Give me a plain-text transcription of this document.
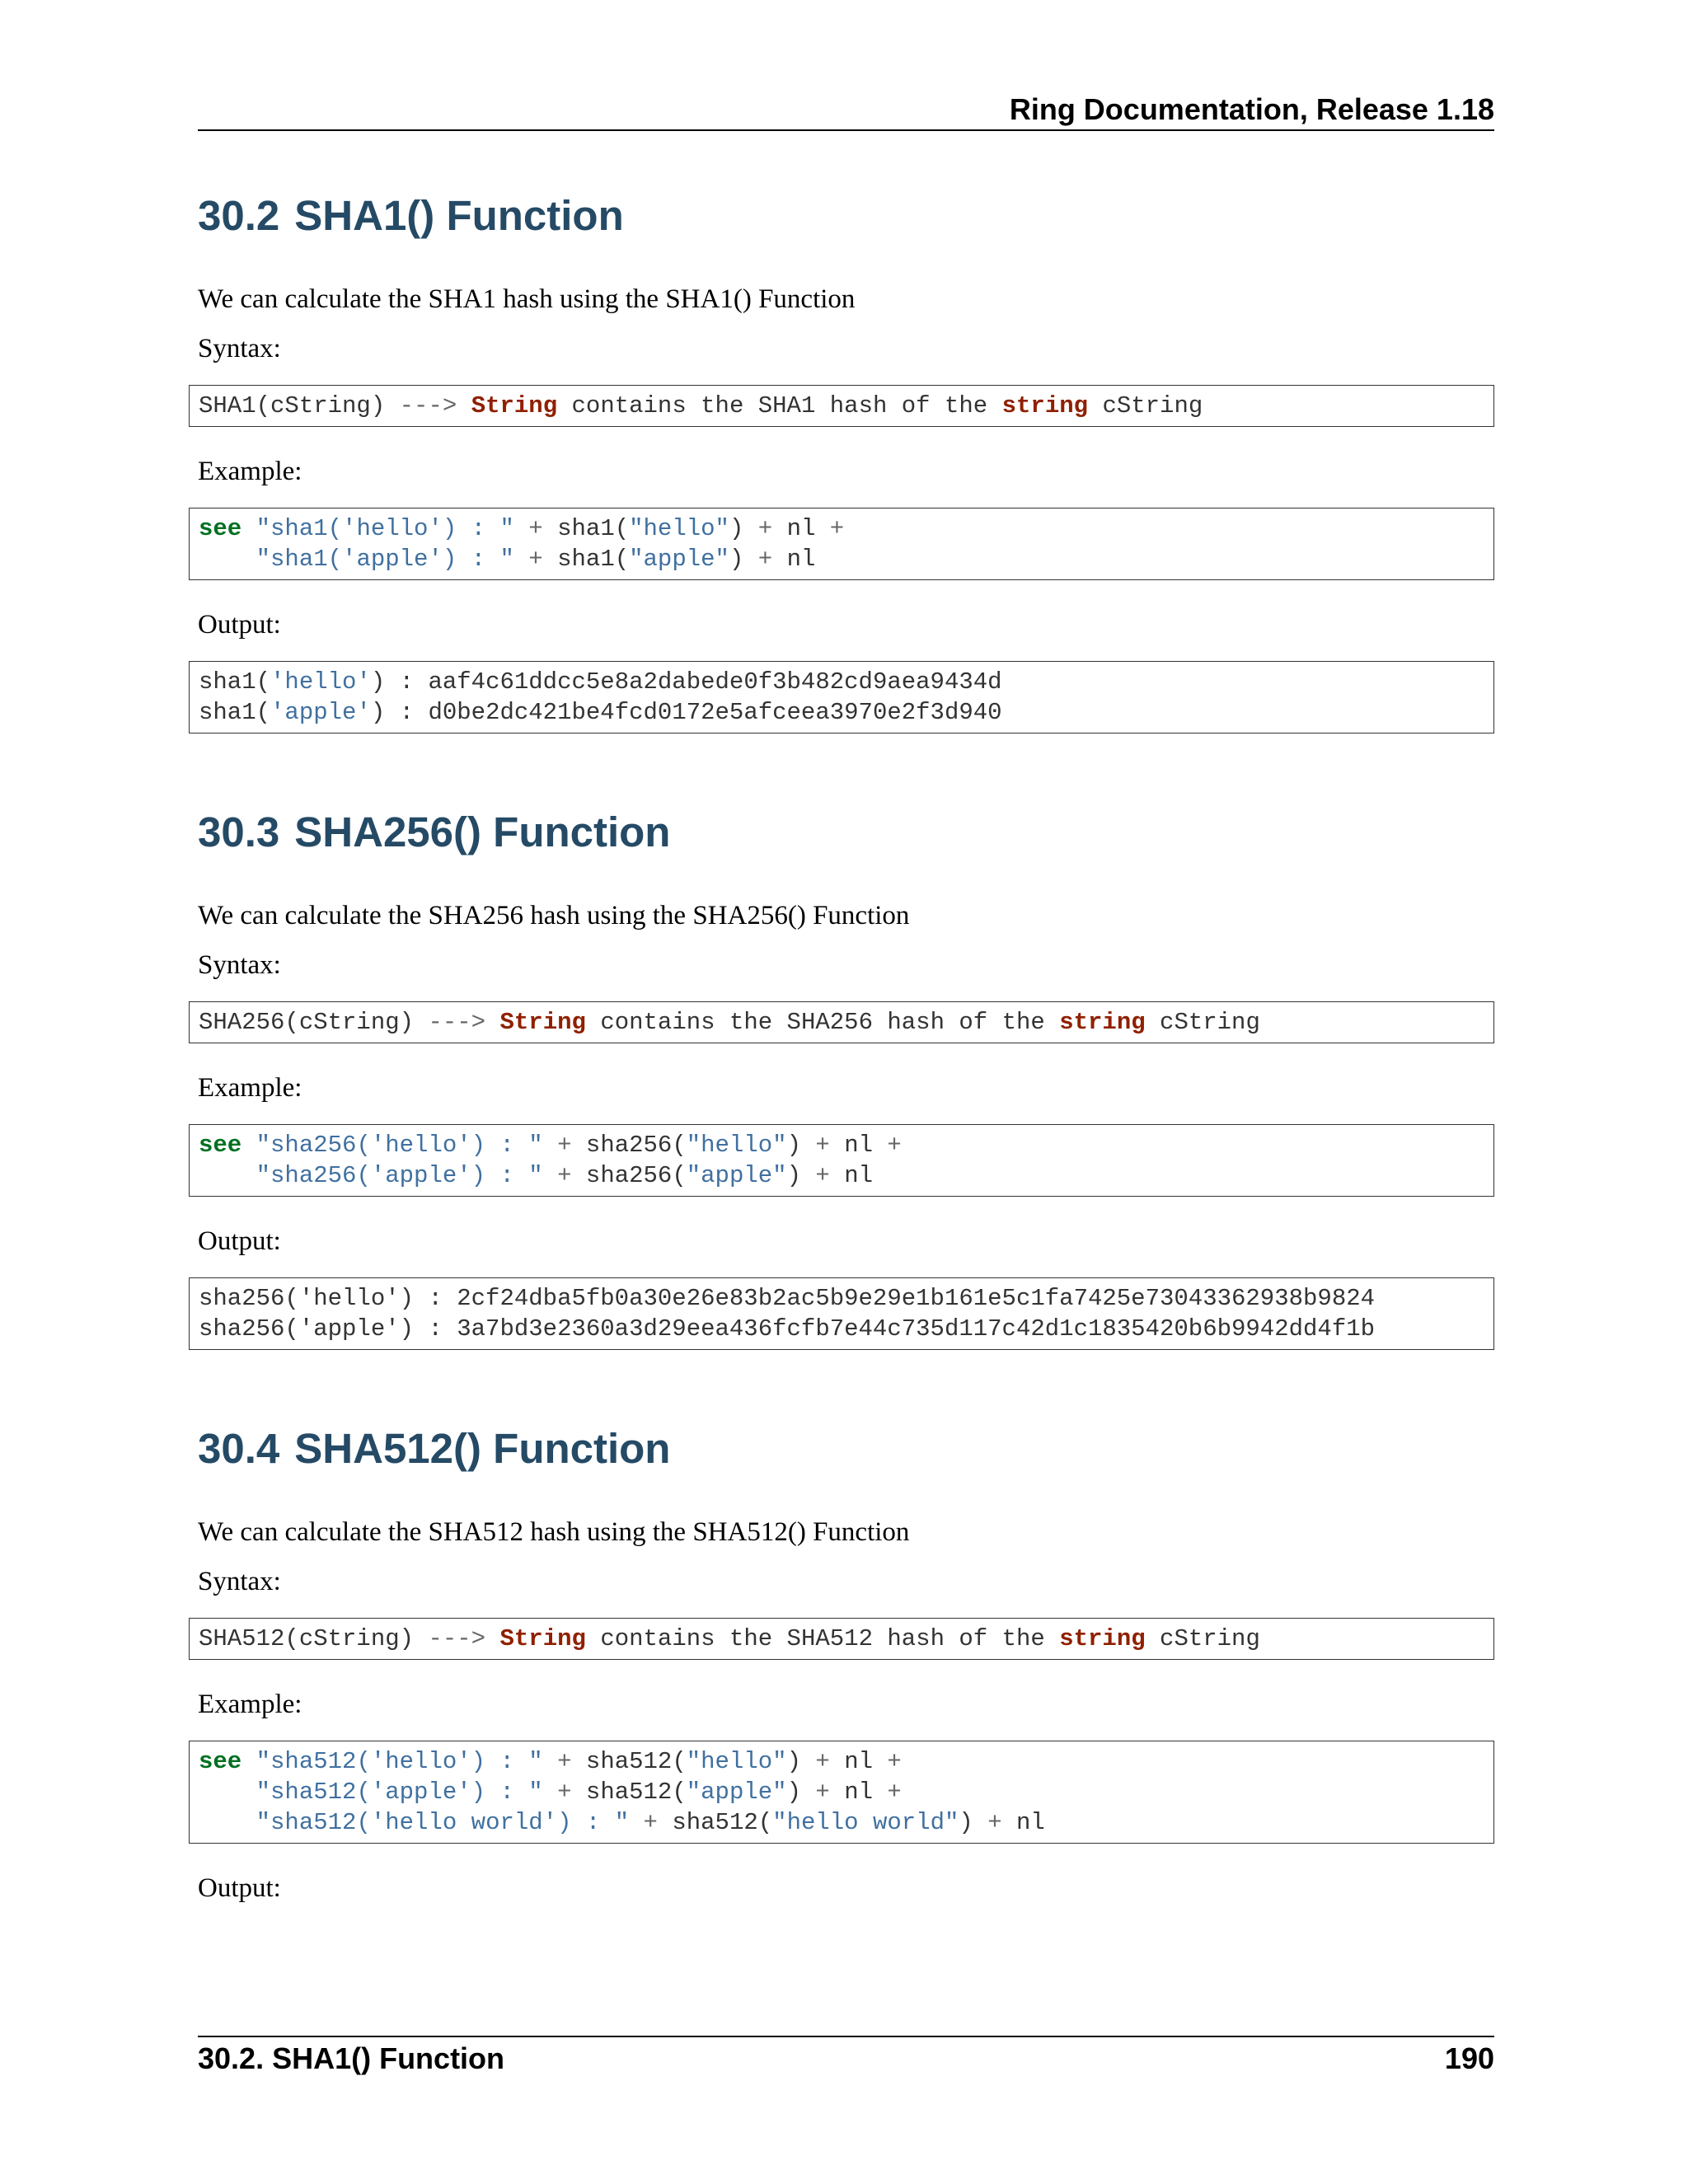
Ring Documentation, Release 1.18
30.2 SHA1() Function

We can calculate the SHA1 hash using the SHA1() Function

Syntax:

SHA1(cString) ---> String contains the SHA1 hash of the string cString

Example:

see "sha1('hello') : " + sha1("hello") + nl +
"sha1('apple') : " + sha1("apple") + nl

Output:

sha1('hello') : aaf4c61ddcc5e8a2dabede0f3b482cd9aea9434d
sha1('apple') : d0be2dc421be4fcd0172e5afceea3970e2f3d940
30.3 SHA256() Function

We can calculate the SHA256 hash using the SHA256() Function

Syntax:

SHA256(cString) ---> String contains the SHA256 hash of the string cString

Example:

see "sha256('hello') : " + sha256("hello") + nl +
"sha256('apple') : " + sha256("apple") + nl

Output:

sha256('hello') : 2cf24dba5fb0a30e26e83b2ac5b9e29e1b161e5c1fa7425e73043362938b9824
sha256('apple') : 3a7bd3e2360a3d29eea436fcfb7e44c735d117c42d1c1835420b6b9942dd4f1b
30.4 SHA512() Function

We can calculate the SHA512 hash using the SHA512() Function

Syntax:

SHA512(cString) ---> String contains the SHA512 hash of the string cString

Example:

see "sha512('hello') : " + sha512("hello") + nl +
"sha512('apple') : " + sha512("apple") + nl +
"sha512('hello world') : " + sha512("hello world") + nl

Output:

30.2. SHA1() Function	190
